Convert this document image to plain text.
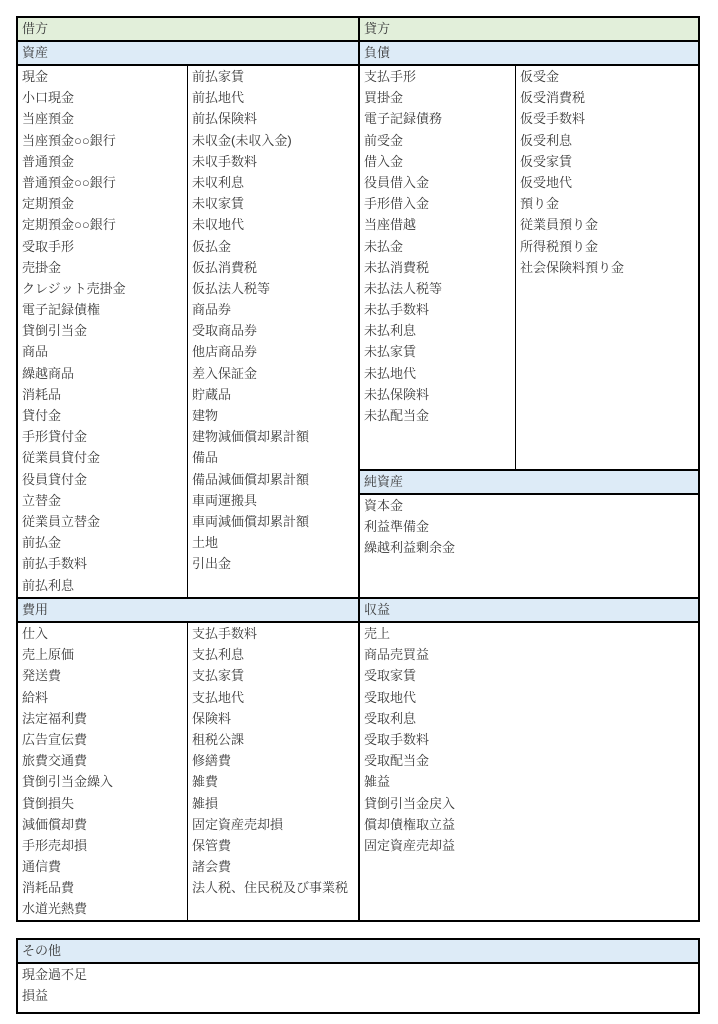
借方
資産
現金
小口現金
当座預金
当座預金○○銀行
普通預金
普通預金○○銀行
定期預金
定期預金○○銀行
受取手形
売掛金
クレジット売掛金
電子記録債権
貸倒引当金
商品
繰越商品
消耗品
貸付金
手形貸付金
従業員貸付金
役員貸付金
立替金
従業員立替金
前払金
前払手数料
前払利息
前払家賃
前払地代
前払保険料
未収金(未収入金)
未収手数料
未収利息
未収家賃
未収地代
仮払金
仮払消費税
仮払法人税等
商品券
受取商品券
他店商品券
差入保証金
貯蔵品
建物
建物減価償却累計額
備品
備品減価償却累計額
車両運搬具
車両減価償却累計額
土地
引出金
費用
仕入
売上原価
発送費
給料
法定福利費
広告宣伝費
旅費交通費
貸倒引当金繰入
貸倒損失
減価償却費
手形売却損
通信費
消耗品費
水道光熱費
支払手数料
支払利息
支払家賃
支払地代
保険料
租税公課
修繕費
雑費
雑損
固定資産売却損
保管費
諸会費
法人税、住民税及び事業税
貸方
負債
支払手形
買掛金
電子記録債務
前受金
借入金
役員借入金
手形借入金
当座借越
未払金
未払消費税
未払法人税等
未払手数料
未払利息
未払家賃
未払地代
未払保険料
未払配当金
仮受金
仮受消費税
仮受手数料
仮受利息
仮受家賃
仮受地代
預り金
従業員預り金
所得税預り金
社会保険料預り金
純資産
資本金
利益準備金
繰越利益剰余金
収益
売上
商品売買益
受取家賃
受取地代
受取利息
受取手数料
受取配当金
雑益
貸倒引当金戻入
償却債権取立益
固定資産売却益
その他
現金過不足
損益
